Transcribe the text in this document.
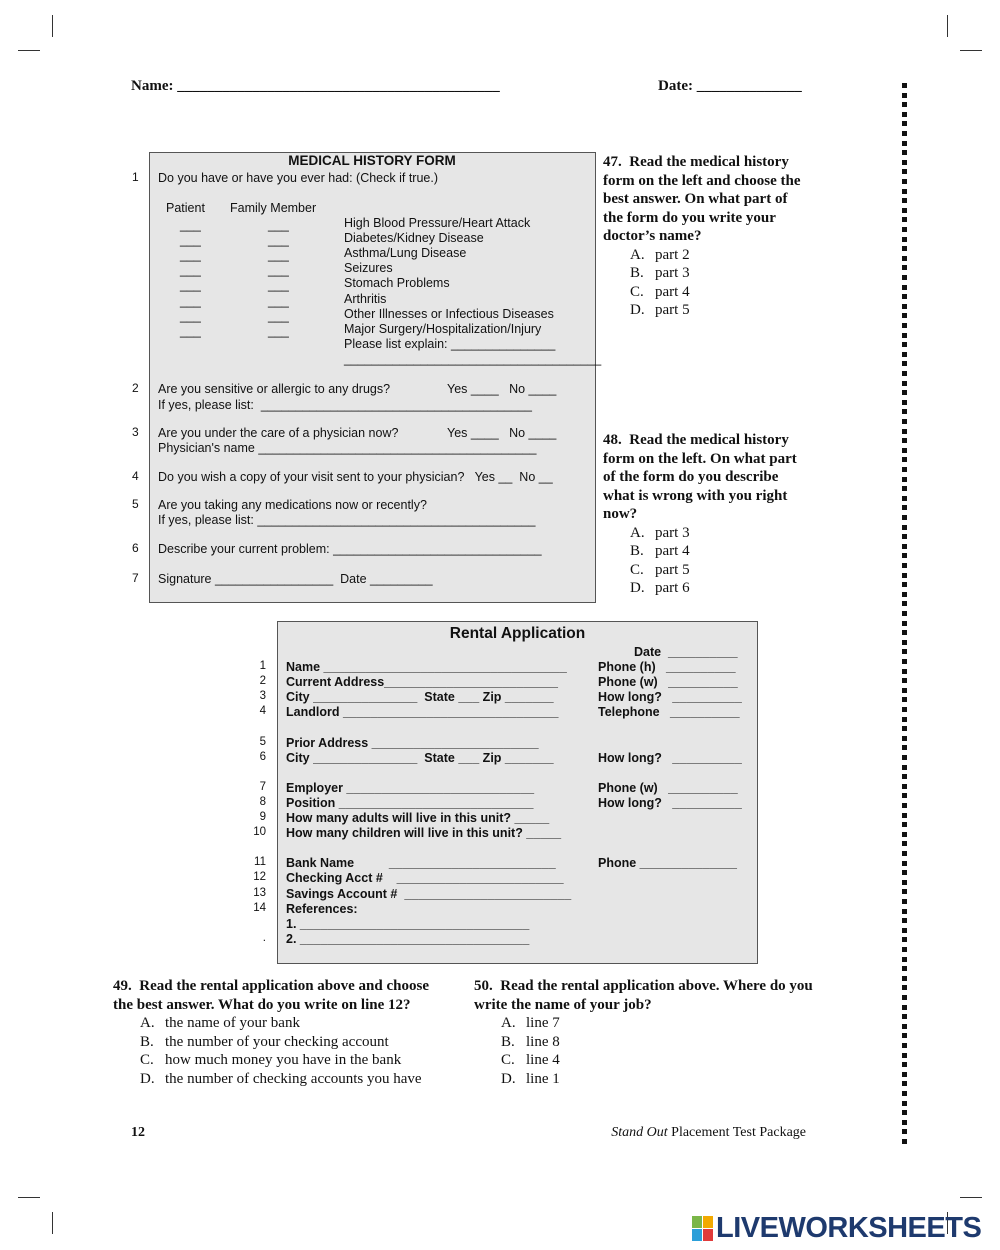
Name: ___________________________________________	Date: ______________
MEDICAL HISTORY FORM
Do you have or have you ever had: (Check if true.)
Patient Family Member
Please list explain: _______________
_____________________________________
Are you sensitive or allergic to any drugs?	Yes ____   No ____
If yes, please list:  _______________________________________
Are you under the care of a physician now?	Yes ____   No ____
Physician's name ________________________________________
Do you wish a copy of your visit sent to your physician?   Yes __  No __
Are you taking any medications now or recently?
If yes, please list: ________________________________________
Describe your current problem: ______________________________
Signature _________________  Date _________
Rental Application
Date  __________
12	Stand Out Placement Test Package
LIVEWORKSHEETS
1
2
3
4
5
6
7
___	___	High Blood Pressure/Heart Attack
___	___	Diabetes/Kidney Disease
___	___	Asthma/Lung Disease
___	___	Seizures
___	___	Stomach Problems
___	___	Arthritis
___	___	Other Illnesses or Infectious Diseases
___	___	Major Surgery/Hospitalization/Injury
1 Name ___________________________________ Phone (h)   __________
2 Current Address_________________________	Phone (w)   __________
3 City _______________  State ___ Zip _______	How long?   __________
4 Landlord _______________________________	Telephone   __________
5 Prior Address ________________________
6 City _______________  State ___ Zip _______	How long?   __________
7 Employer ___________________________	Phone (w)   __________
8 Position ____________________________	How long?   __________
9 How many adults will live in this unit? _____
10 How many children will live in this unit? _____
11 Bank Name          ________________________	Phone ______________
12 Checking Acct #    ________________________
13 Savings Account #  ________________________
14 References:
1. _________________________________
. 2. _________________________________
47.  Read the medical history
form on the left and choose the
best answer. On what part of
the form do you write your
doctor’s name?
A. part 2
B. part 3
C. part 4
D. part 5
48.  Read the medical history
form on the left. On what part
of the form do you describe
what is wrong with you right
now?
A. part 3
B. part 4
C. part 5
D. part 6
49.  Read the rental application above and choose
the best answer. What do you write on line 12?
A. the name of your bank
B. the number of your checking account
C. how much money you have in the bank
D. the number of checking accounts you have
50.  Read the rental application above. Where do you
write the name of your job?
A. line 7
B. line 8
C. line 4
D. line 1
